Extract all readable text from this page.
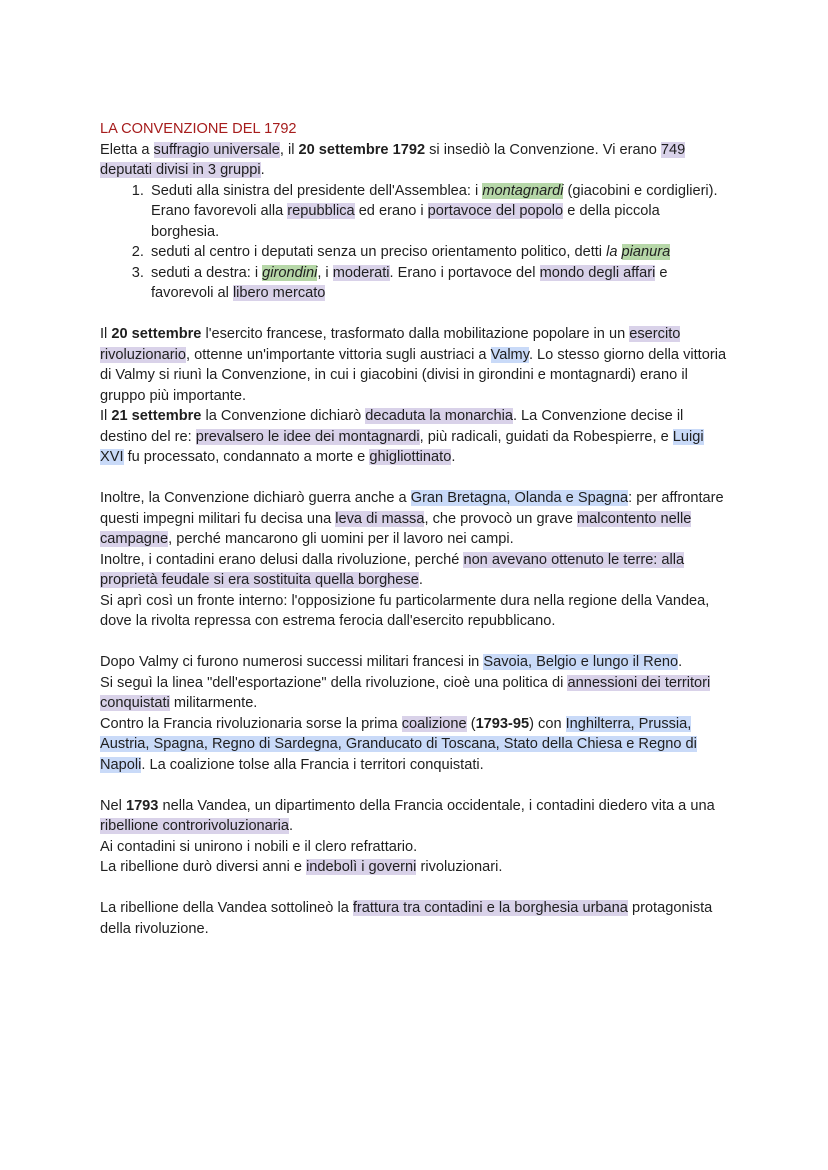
LA CONVENZIONE DEL 1792

Eletta a suffragio universale, il 20 settembre 1792 si insediò la Convenzione. Vi erano 749 deputati divisi in 3 gruppi.

1. Seduti alla sinistra del presidente dell'Assemblea: i montagnardi (giacobini e cordiglieri). Erano favorevoli alla repubblica ed erano i portavoce del popolo e della piccola borghesia.
2. seduti al centro i deputati senza un preciso orientamento politico, detti la pianura
3. seduti a destra: i girondini, i moderati. Erano i portavoce del mondo degli affari e favorevoli al libero mercato

Il 20 settembre l'esercito francese, trasformato dalla mobilitazione popolare in un esercito rivoluzionario, ottenne un'importante vittoria sugli austriaci a Valmy. Lo stesso giorno della vittoria di Valmy si riunì la Convenzione, in cui i giacobini (divisi in girondini e montagnardi) erano il gruppo più importante.

Il 21 settembre la Convenzione dichiarò decaduta la monarchia. La Convenzione decise il destino del re: prevalsero le idee dei montagnardi, più radicali, guidati da Robespierre, e Luigi XVI fu processato, condannato a morte e ghigliottinato.

Inoltre, la Convenzione dichiarò guerra anche a Gran Bretagna, Olanda e Spagna: per affrontare questi impegni militari fu decisa una leva di massa, che provocò un grave malcontento nelle campagne, perché mancarono gli uomini per il lavoro nei campi.

Inoltre, i contadini erano delusi dalla rivoluzione, perché non avevano ottenuto le terre: alla proprietà feudale si era sostituita quella borghese.

Si aprì così un fronte interno: l'opposizione fu particolarmente dura nella regione della Vandea, dove la rivolta repressa con estrema ferocia dall'esercito repubblicano.

Dopo Valmy ci furono numerosi successi militari francesi in Savoia, Belgio e lungo il Reno.

Si seguì la linea "dell'esportazione" della rivoluzione, cioè una politica di annessioni dei territori conquistati militarmente.

Contro la Francia rivoluzionaria sorse la prima coalizione (1793-95) con Inghilterra, Prussia, Austria, Spagna, Regno di Sardegna, Granducato di Toscana, Stato della Chiesa e Regno di Napoli. La coalizione tolse alla Francia i territori conquistati.

Nel 1793 nella Vandea, un dipartimento della Francia occidentale, i contadini diedero vita a una ribellione controrivoluzionaria.

Ai contadini si unirono i nobili e il clero refrattario.

La ribellione durò diversi anni e indebolì i governi rivoluzionari.

La ribellione della Vandea sottolineò la frattura tra contadini e la borghesia urbana protagonista della rivoluzione.
